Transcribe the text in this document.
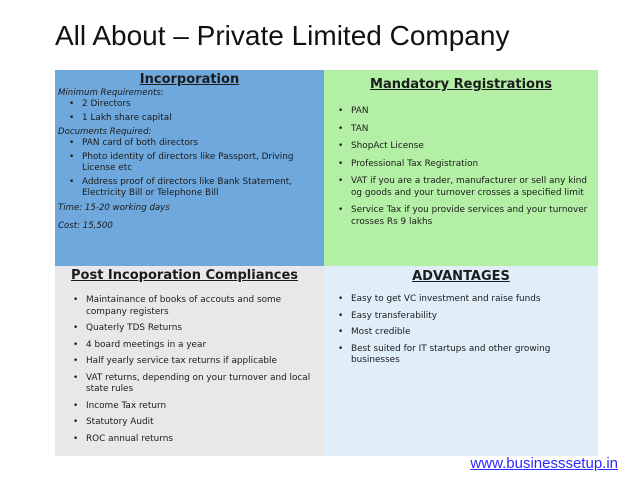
All About – Private Limited Company
Incorporation
Minimum Requirements:
• 2 Directors
• 1 Lakh share capital
Documents Required:
• PAN card of both directors
• Photo identity of directors like Passport, Driving License etc
• Address proof of directors like Bank Statement, Electricity Bill or Telephone Bill
Time: 15-20 working days
Cost: 15,500
Mandatory Registrations
• PAN
• TAN
• ShopAct License
• Professional Tax Registration
• VAT if you are a trader, manufacturer or sell any kind og goods and your turnover crosses a specified limit
• Service Tax if you provide services and your turnover crosses Rs 9 lakhs
Post Incoporation Compliances
• Maintainance of books of accouts and some company registers
• Quaterly TDS Returns
• 4 board meetings in a year
• Half yearly service tax returns if applicable
• VAT returns, depending on your turnover and local state rules
• Income Tax return
• Statutory Audit
• ROC annual returns
ADVANTAGES
• Easy to get VC investment and raise funds
• Easy transferability
• Most credible
• Best suited for IT startups and other growing businesses
www.businesssetup.in
